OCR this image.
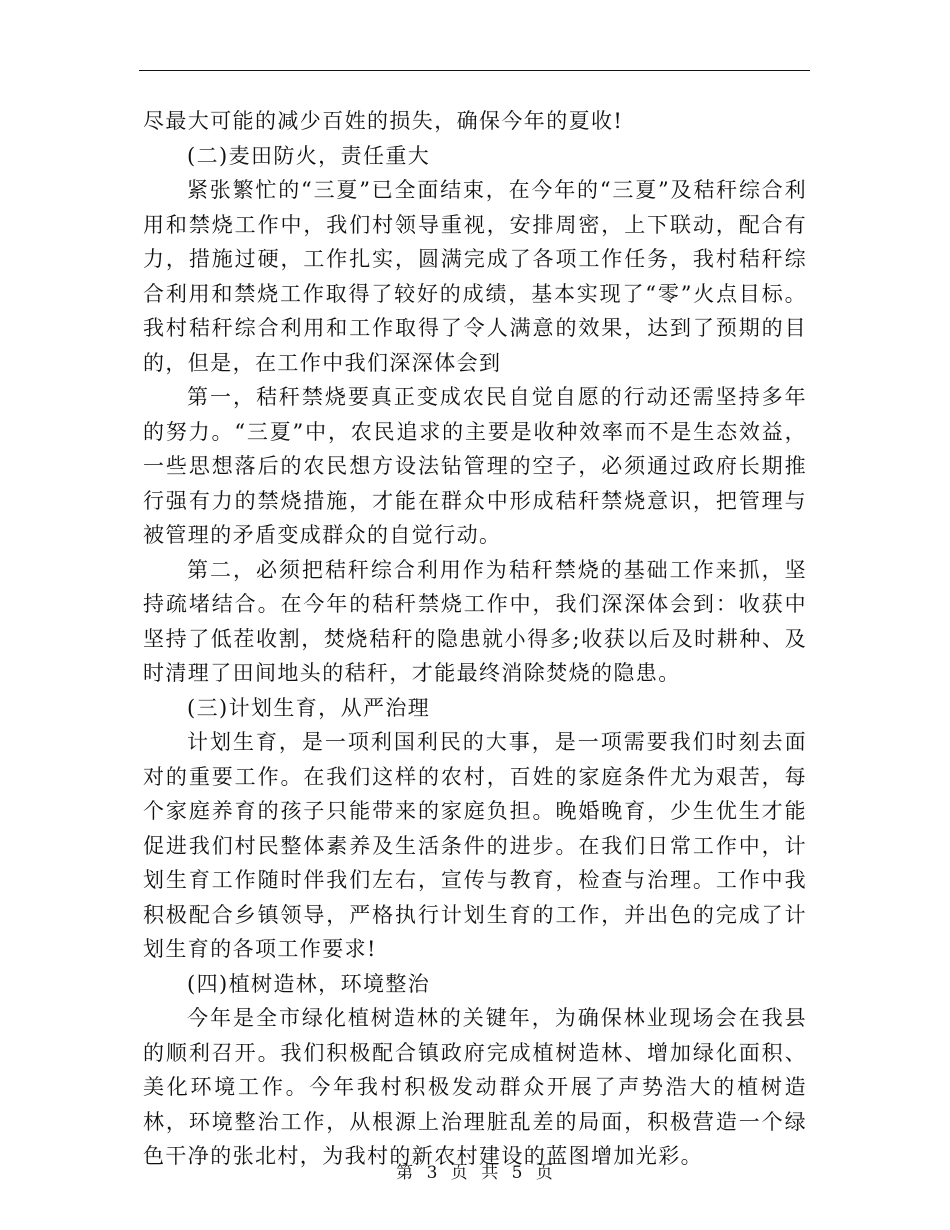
尽最大可能的减少百姓的损失，确保今年的夏收!

(二)麦田防火，责任重大

紧张繁忙的“三夏”已全面结束，在今年的“三夏”及秸秆综合利用和禁烧工作中，我们村领导重视，安排周密，上下联动，配合有力，措施过硬，工作扎实，圆满完成了各项工作任务，我村秸秆综合利用和禁烧工作取得了较好的成绩，基本实现了“零”火点目标。我村秸秆综合利用和工作取得了令人满意的效果，达到了预期的目的，但是，在工作中我们深深体会到

第一，秸秆禁烧要真正变成农民自觉自愿的行动还需坚持多年的努力。“三夏”中，农民追求的主要是收种效率而不是生态效益，一些思想落后的农民想方设法钻管理的空子，必须通过政府长期推行强有力的禁烧措施，才能在群众中形成秸秆禁烧意识，把管理与被管理的矛盾变成群众的自觉行动。

第二，必须把秸秆综合利用作为秸秆禁烧的基础工作来抓，坚持疏堵结合。在今年的秸秆禁烧工作中，我们深深体会到：收获中坚持了低茬收割，焚烧秸秆的隐患就小得多;收获以后及时耕种、及时清理了田间地头的秸秆，才能最终消除焚烧的隐患。

(三)计划生育，从严治理

计划生育，是一项利国利民的大事，是一项需要我们时刻去面对的重要工作。在我们这样的农村，百姓的家庭条件尤为艰苦，每个家庭养育的孩子只能带来的家庭负担。晚婚晚育，少生优生才能促进我们村民整体素养及生活条件的进步。在我们日常工作中，计划生育工作随时伴我们左右，宣传与教育，检查与治理。工作中我积极配合乡镇领导，严格执行计划生育的工作，并出色的完成了计划生育的各项工作要求!

(四)植树造林，环境整治

今年是全市绿化植树造林的关键年，为确保林业现场会在我县的顺利召开。我们积极配合镇政府完成植树造林、增加绿化面积、美化环境工作。今年我村积极发动群众开展了声势浩大的植树造林，环境整治工作，从根源上治理脏乱差的局面，积极营造一个绿色干净的张北村，为我村的新农村建设的蓝图增加光彩。

第 3 页 共 5 页
